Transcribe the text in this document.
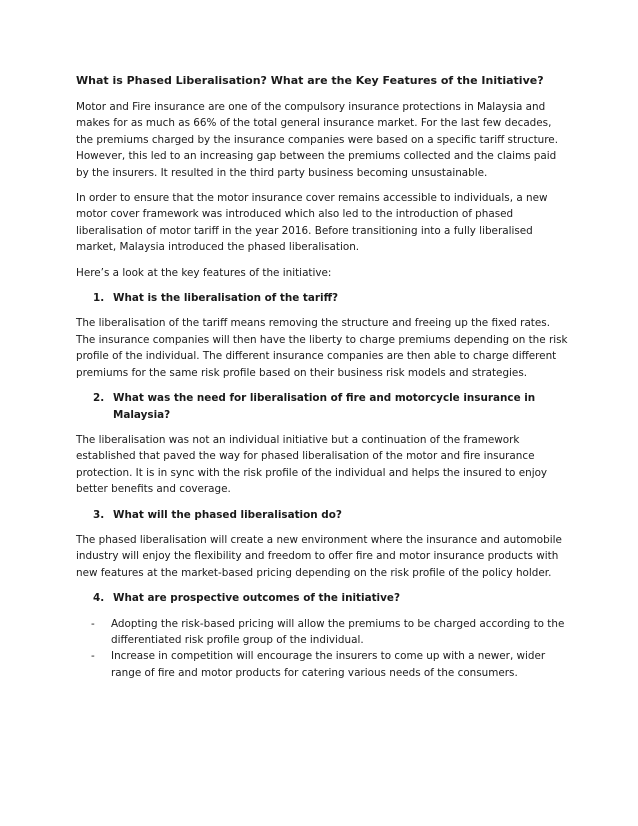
What is Phased Liberalisation? What are the Key Features of the Initiative?

Motor and Fire insurance are one of the compulsory insurance protections in Malaysia and makes for as much as 66% of the total general insurance market. For the last few decades, the premiums charged by the insurance companies were based on a specific tariff structure. However, this led to an increasing gap between the premiums collected and the claims paid by the insurers. It resulted in the third party business becoming unsustainable.

In order to ensure that the motor insurance cover remains accessible to individuals, a new motor cover framework was introduced which also led to the introduction of phased liberalisation of motor tariff in the year 2016. Before transitioning into a fully liberalised market, Malaysia introduced the phased liberalisation.

Here’s a look at the key features of the initiative:

1. What is the liberalisation of the tariff?

The liberalisation of the tariff means removing the structure and freeing up the fixed rates. The insurance companies will then have the liberty to charge premiums depending on the risk profile of the individual. The different insurance companies are then able to charge different premiums for the same risk profile based on their business risk models and strategies.

2. What was the need for liberalisation of fire and motorcycle insurance in Malaysia?

The liberalisation was not an individual initiative but a continuation of the framework established that paved the way for phased liberalisation of the motor and fire insurance protection. It is in sync with the risk profile of the individual and helps the insured to enjoy better benefits and coverage.

3. What will the phased liberalisation do?

The phased liberalisation will create a new environment where the insurance and automobile industry will enjoy the flexibility and freedom to offer fire and motor insurance products with new features at the market-based pricing depending on the risk profile of the policy holder.

4. What are prospective outcomes of the initiative?
-	Adopting the risk-based pricing will allow the premiums to be charged according to the differentiated risk profile group of the individual.
-	Increase in competition will encourage the insurers to come up with a newer, wider range of fire and motor products for catering various needs of the consumers.
